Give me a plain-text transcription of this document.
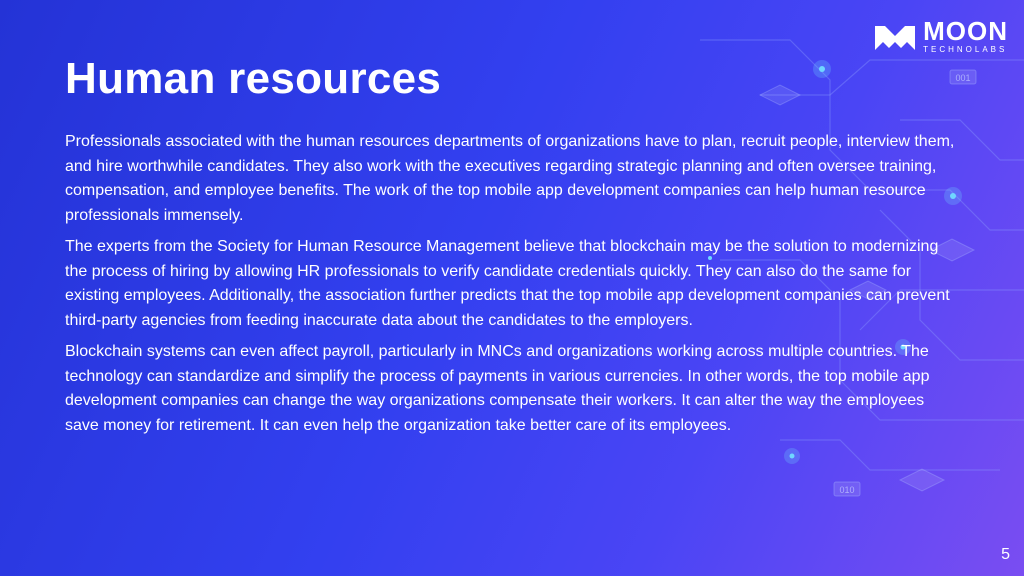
001
010
MOON
TECHNOLABS
Human resources

Professionals associated with the human resources departments of organizations have to plan, recruit people, interview them, and hire worthwhile candidates. They also work with the executives regarding strategic planning and often oversee training, compensation, and employee benefits. The work of the top mobile app development companies can help human resource professionals immensely.

The experts from the Society for Human Resource Management believe that blockchain may be the solution to modernizing the process of hiring by allowing HR professionals to verify candidate credentials quickly. They can also do the same for existing employees. Additionally, the association further predicts that the top mobile app development companies can prevent third-party agencies from feeding inaccurate data about the candidates to the employers.

Blockchain systems can even affect payroll, particularly in MNCs and organizations working across multiple countries. The technology can standardize and simplify the process of payments in various currencies. In other words, the top mobile app development companies can change the way organizations compensate their workers. It can alter the way the employees save money for retirement. It can even help the organization take better care of its employees.

5
